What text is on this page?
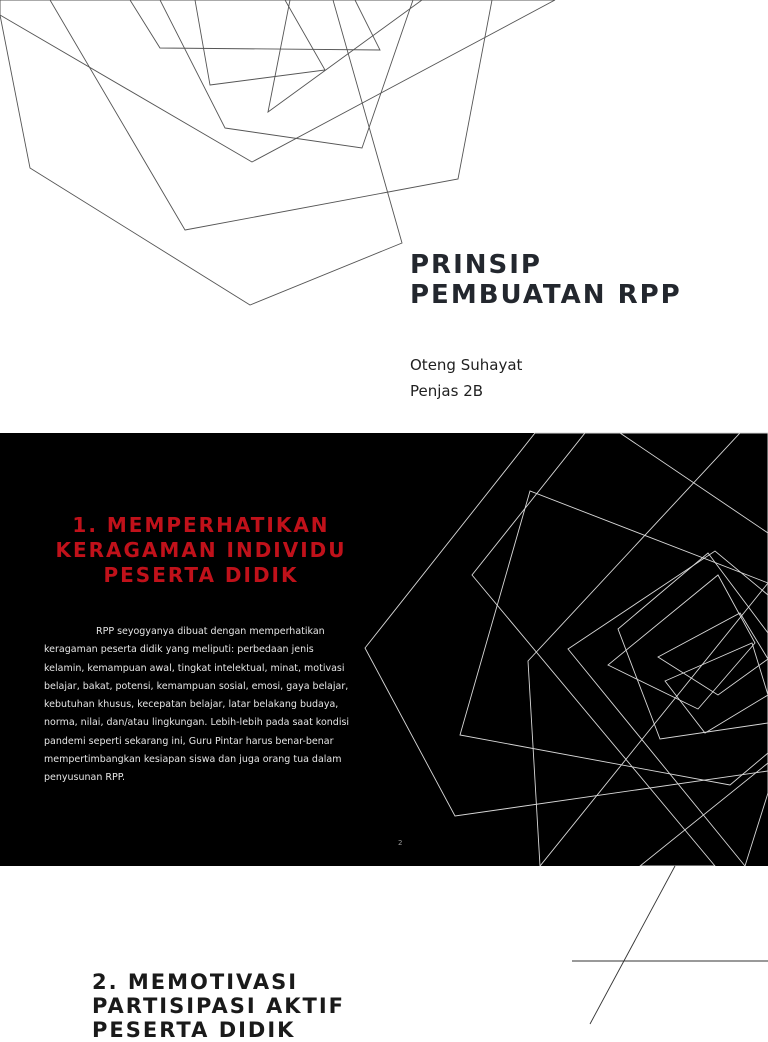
PRINSIP
PEMBUATAN RPP
Oteng Suhayat
Penjas 2B
1. MEMPERHATIKAN
KERAGAMAN INDIVIDU
PESERTA DIDIK

RPP seyogyanya dibuat dengan memperhatikan keragaman peserta didik yang meliputi: perbedaan jenis kelamin, kemampuan awal, tingkat intelektual, minat, motivasi belajar, bakat, potensi, kemampuan sosial, emosi, gaya belajar, kebutuhan khusus, kecepatan belajar, latar belakang budaya, norma, nilai, dan/atau lingkungan. Lebih-lebih pada saat kondisi pandemi seperti sekarang ini, Guru Pintar harus benar-benar mempertimbangkan kesiapan siswa dan juga orang tua dalam penyusunan RPP.

2
2. MEMOTIVASI
PARTISIPASI AKTIF
PESERTA DIDIK
